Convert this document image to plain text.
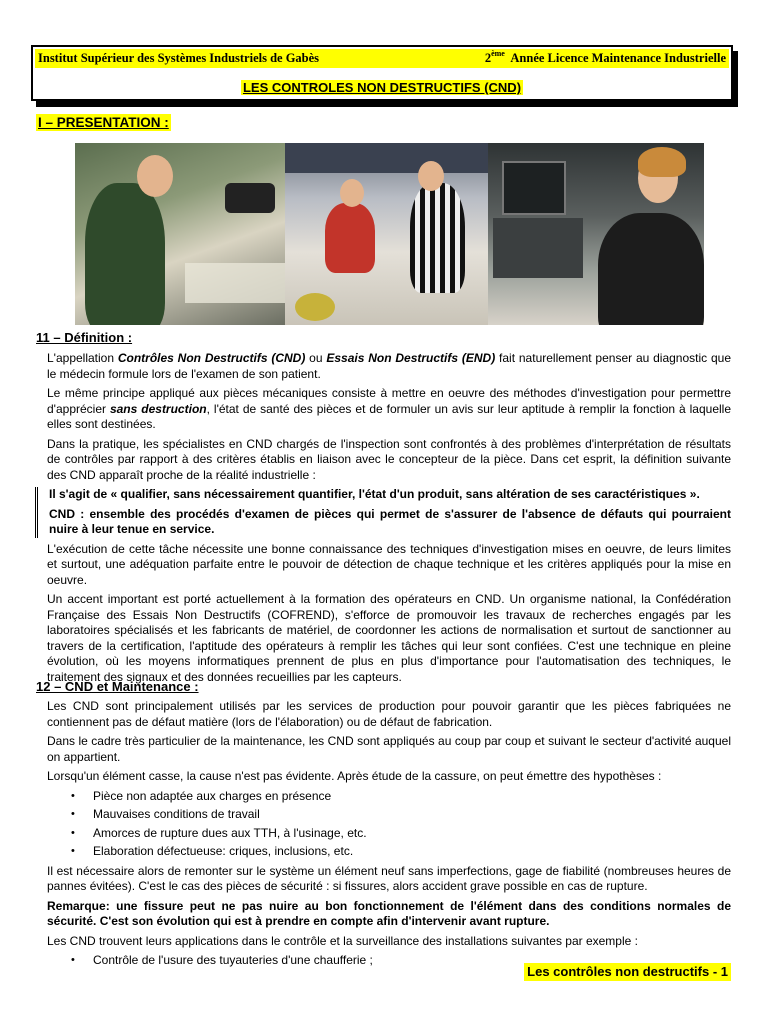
Institut Supérieur des Systèmes Industriels de Gabès	2ème Année Licence Maintenance Industrielle
LES CONTROLES NON DESTRUCTIFS (CND)
I – PRESENTATION :
11 – Définition :

L'appellation Contrôles Non Destructifs (CND) ou Essais Non Destructifs (END) fait naturellement penser au diagnostic que le médecin formule lors de l'examen de son patient.

Le même principe appliqué aux pièces mécaniques consiste à mettre en oeuvre des méthodes d'investigation pour permettre d'apprécier sans destruction, l'état de santé des pièces et de formuler un avis sur leur aptitude à remplir la fonction à laquelle elles sont destinées.

Dans la pratique, les spécialistes en CND chargés de l'inspection sont confrontés à des problèmes d'interprétation de résultats de contrôles par rapport à des critères établis en liaison avec le concepteur de la pièce. Dans cet esprit, la définition suivante des CND apparaît proche de la réalité industrielle :

Il s'agit de « qualifier, sans nécessairement quantifier, l'état d'un produit, sans altération de ses caractéristiques ».

CND : ensemble des procédés d'examen de pièces qui permet de s'assurer de l'absence de défauts qui pourraient nuire à leur tenue en service.

L'exécution de cette tâche nécessite une bonne connaissance des techniques d'investigation mises en oeuvre, de leurs limites et surtout, une adéquation parfaite entre le pouvoir de détection de chaque technique et les critères appliqués pour la mise en oeuvre.

Un accent important est porté actuellement à la formation des opérateurs en CND. Un organisme national, la Confédération Française des Essais Non Destructifs (COFREND), s'efforce de promouvoir les travaux de recherches engagés par les laboratoires spécialisés et les fabricants de matériel, de coordonner les actions de normalisation et surtout de sanctionner au travers de la certification, l'aptitude des opérateurs à remplir les tâches qui leur sont confiées. C'est une technique en pleine évolution, où les moyens informatiques prennent de plus en plus d'importance pour l'automatisation des techniques, le traitement des signaux et des données recueillies par les capteurs.

12 – CND et Maintenance :

Les CND sont principalement utilisés par les services de production pour pouvoir garantir que les pièces fabriquées ne contiennent pas de défaut matière (lors de l'élaboration) ou de défaut de fabrication.

Dans le cadre très particulier de la maintenance, les CND sont appliqués au coup par coup et suivant le secteur d'activité auquel on appartient.

Lorsqu'un élément casse, la cause n'est pas évidente. Après étude de la cassure, on peut émettre des hypothèses :

• Pièce non adaptée aux charges en présence
• Mauvaises conditions de travail
• Amorces de rupture dues aux TTH, à l'usinage, etc.
• Elaboration défectueuse: criques, inclusions, etc.

Il est nécessaire alors de remonter sur le système un élément neuf sans imperfections, gage de fiabilité (nombreuses heures de pannes évitées). C'est le cas des pièces de sécurité : si fissures, alors accident grave possible en cas de rupture.

Remarque: une fissure peut ne pas nuire au bon fonctionnement de l'élément dans des conditions normales de sécurité. C'est son évolution qui est à prendre en compte afin d'intervenir avant rupture.

Les CND trouvent leurs applications dans le contrôle et la surveillance des installations suivantes par exemple :

• Contrôle de l'usure des tuyauteries d'une chaufferie ;
Les contrôles non destructifs - 1
